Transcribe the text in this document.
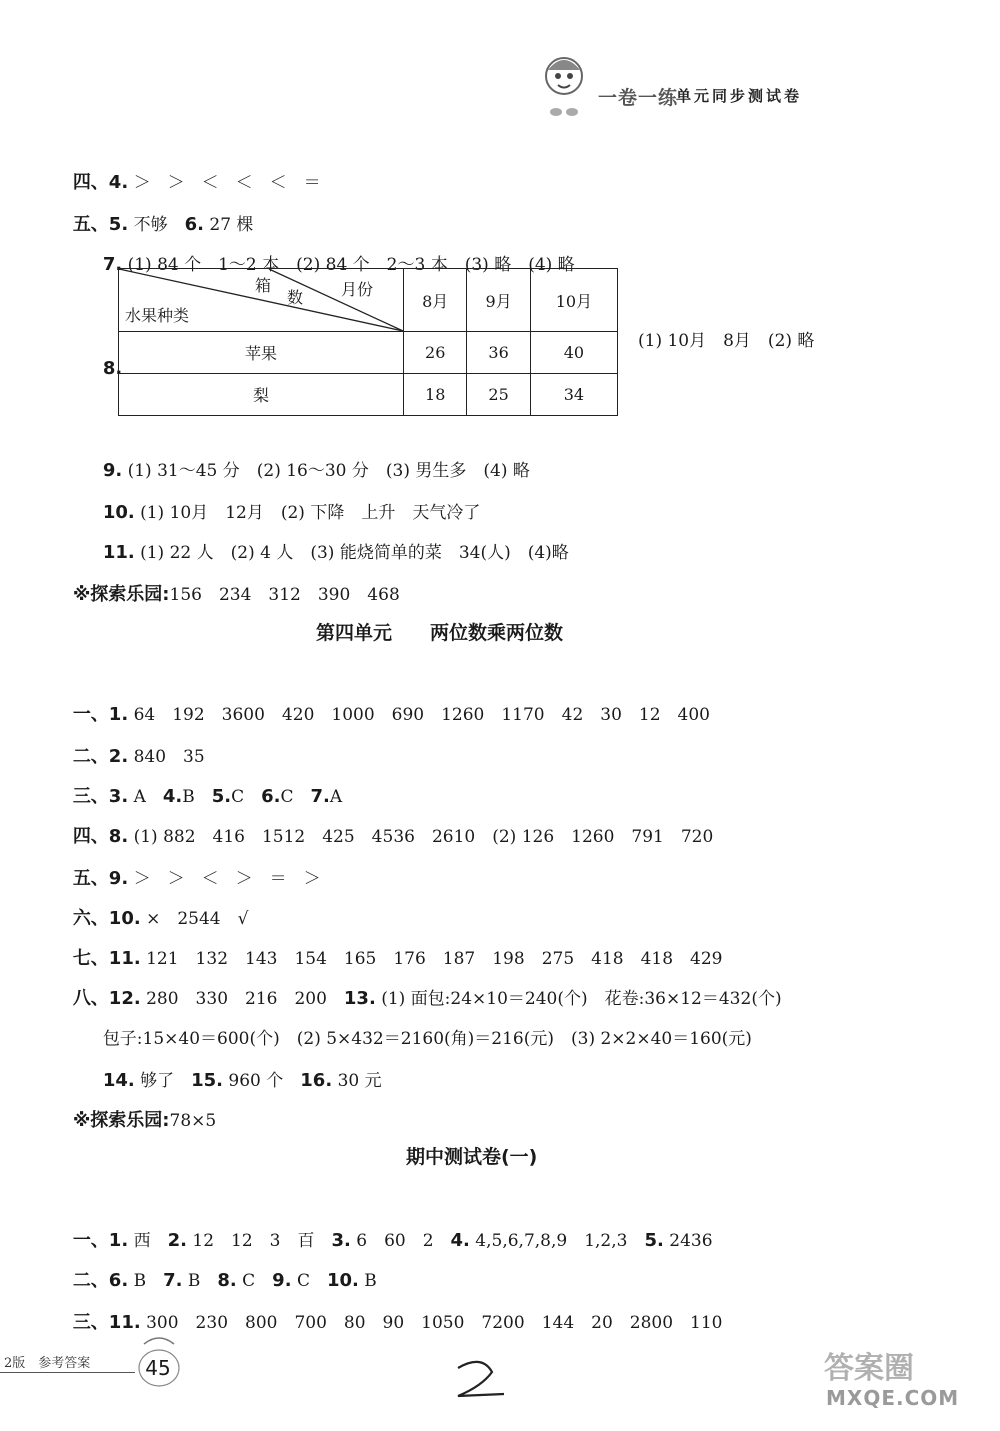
一卷一练
单元同步测试卷

四、4. ＞　＞　＜　＜　＜　＝

五、5. 不够　6. 27 棵

7. (1) 84 个　1～2 本　(2) 84 个　2～3 本　(3) 略　(4) 略

8.

箱
数 月份
水果种类	8月	9月	10月
苹果	26	36	40
梨	18	25	34
(1) 10月　8月　(2) 略

9. (1) 31～45 分　(2) 16～30 分　(3) 男生多　(4) 略

10. (1) 10月　12月　(2) 下降　上升　天气冷了

11. (1) 22 人　(2) 4 人　(3) 能烧简单的菜　34(人)　(4)略

※探索乐园:156　234　312　390　468

第四单元　　两位数乘两位数

一、1. 64　192　3600　420　1000　690　1260　1170　42　30　12　400

二、2. 840　35

三、3. A　4.B　5.C　6.C　7.A

四、8. (1) 882　416　1512　425　4536　2610　(2) 126　1260　791　720

五、9. ＞　＞　＜　＞　＝　＞

六、10. ×　2544　√

七、11. 121　132　143　154　165　176　187　198　275　418　418　429

八、12. 280　330　216　200　13. (1) 面包:24×10＝240(个)　花卷:36×12＝432(个)

包子:15×40＝600(个)　(2) 5×432＝2160(角)＝216(元)　(3) 2×2×40＝160(元)

14. 够了　15. 960 个　16. 30 元

※探索乐园:78×5

期中测试卷(一)

一、1. 西　2. 12　12　3　百　3. 6　60　2　4. 4,5,6,7,8,9　1,2,3　5. 2436

二、6. B　7. B　8. C　9. C　10. B

三、11. 300　230　800　700　80　90　1050　7200　144　20　2800　110

2版　参考答案	45	答案圈
MXQE.COM
